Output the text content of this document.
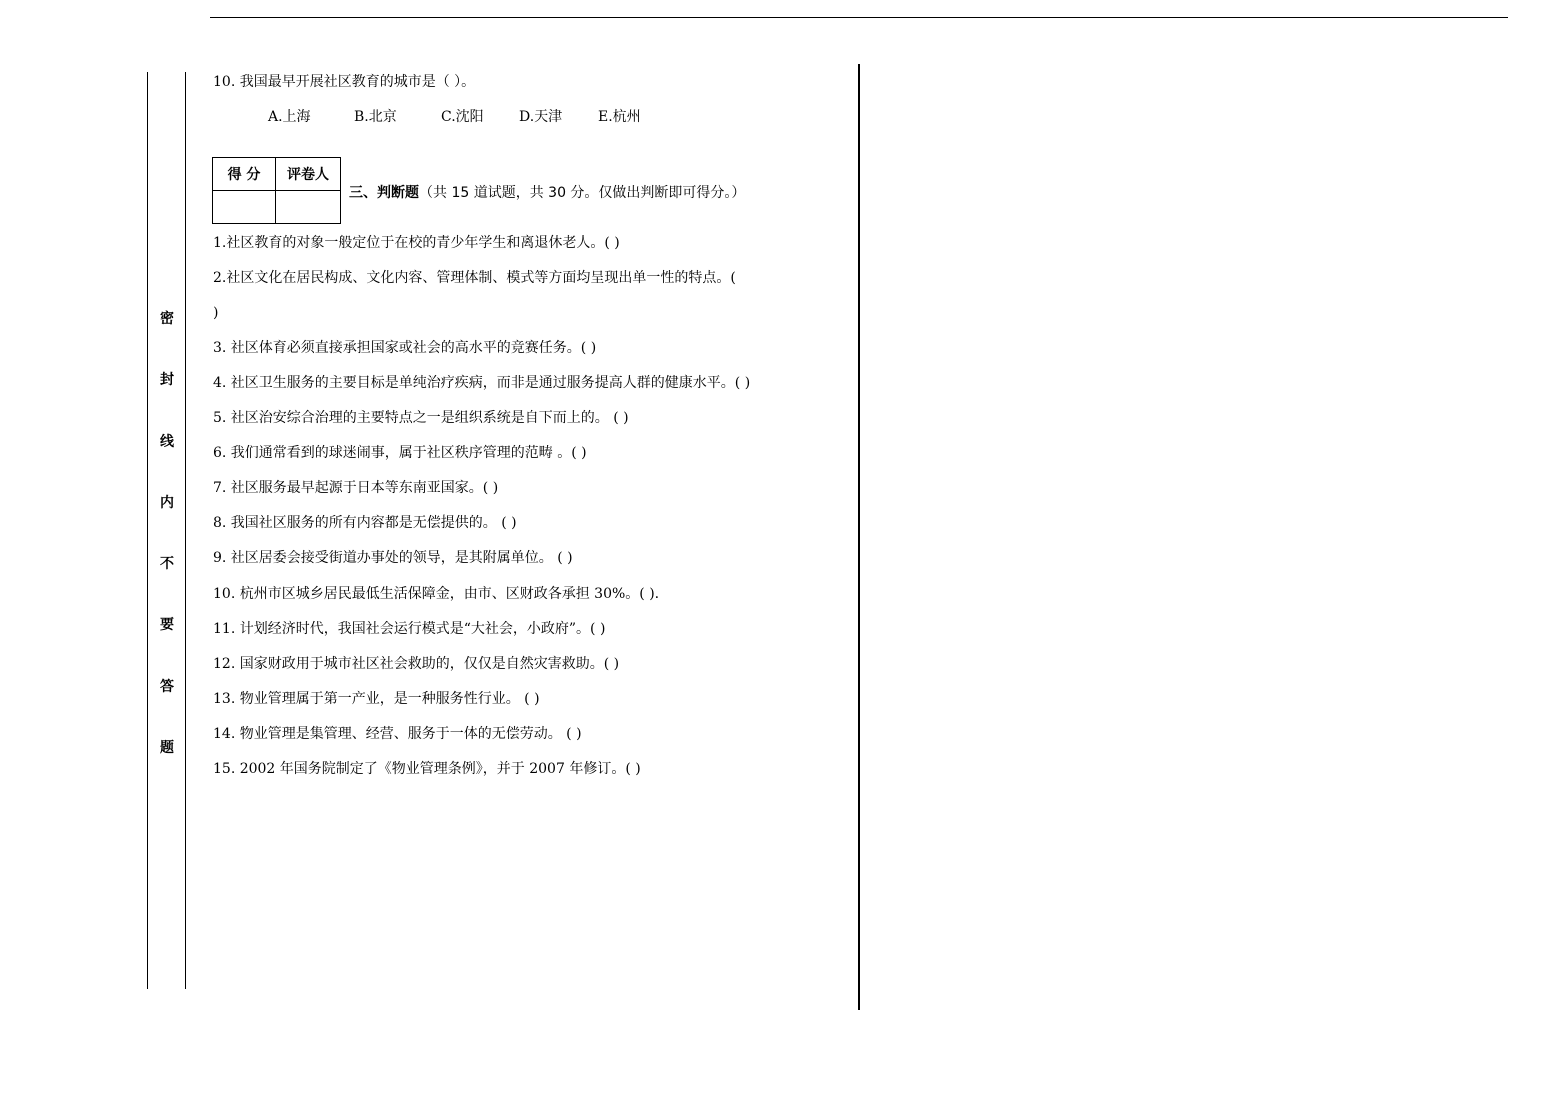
密
封
线
内
不
要
答
题
10. 我国最早开展社区教育的城市是（ ）。
A.上海	B.北京	C.沈阳	D.天津	E.杭州
得 分	评卷人

三、判断题（共 15 道试题，共 30 分。仅做出判断即可得分。）
1.社区教育的对象一般定位于在校的青少年学生和离退休老人。( )
2.社区文化在居民构成、文化内容、管理体制、模式等方面均呈现出单一性的特点。(
)
3. 社区体育必须直接承担国家或社会的高水平的竞赛任务。( )
4. 社区卫生服务的主要目标是单纯治疗疾病，而非是通过服务提高人群的健康水平。( )
5. 社区治安综合治理的主要特点之一是组织系统是自下而上的。 ( )
6. 我们通常看到的球迷闹事，属于社区秩序管理的范畴 。( )
7. 社区服务最早起源于日本等东南亚国家。( )
8. 我国社区服务的所有内容都是无偿提供的。 ( )
9. 社区居委会接受街道办事处的领导，是其附属单位。 ( )
10. 杭州市区城乡居民最低生活保障金，由市、区财政各承担 30%。( ).
11. 计划经济时代，我国社会运行模式是“大社会，小政府”。( )
12. 国家财政用于城市社区社会救助的，仅仅是自然灾害救助。( )
13. 物业管理属于第一产业，是一种服务性行业。 ( )
14. 物业管理是集管理、经营、服务于一体的无偿劳动。 ( )
15. 2002 年国务院制定了《物业管理条例》，并于 2007 年修订。( )
